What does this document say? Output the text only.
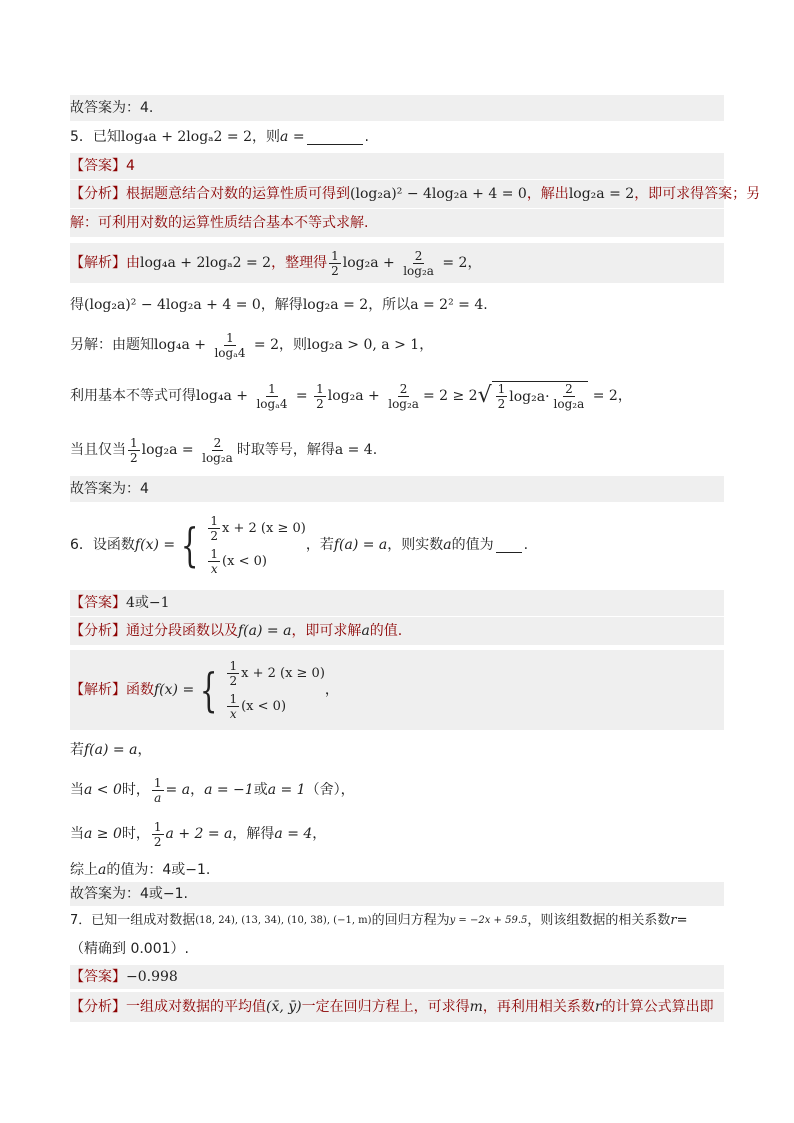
故答案为：4.
5．已知 log₄a + 2logₐ2 = 2 ，则 a =	.
【答案】 4
【分析】 根据题意结合对数的运算性质可得到 (log₂a)² − 4log₂a + 4 = 0 ，解出 log₂a = 2 ，即可求得答案；另
解：可利用对数的运算性质结合基本不等式求解.
【解析】 由 log₄a + 2logₐ2 = 2 ，整理得 $\frac{1}{2} \log_2a + \frac{2}{\text{log₂a}} = 2$ ，
得 (log₂a)² − 4log₂a + 4 = 0 ，解得 log₂a = 2 ，所以 a = 2² = 4 .
另解：由题知 $\log_4a + \frac{1}{\text{logₐ4}} = 2$ ，则 log₂a > 0, a > 1 ，
利用基本不等式可得 $\log_4a + \frac{1}{\text{logₐ4}} = \frac{1}{2} \log_2a + \frac{2}{\text{log₂a}} = 2 \ge 2$ √ $\frac{1}{2} \log_2a\cdot \frac{2}{\text{log₂a}} = 2$ ，
当且仅当 $\frac{1}{2} \log_2a = \frac{2}{\text{log₂a}}$ 时取等号，解得 a = 4 .
故答案为：4
6．设函数 f(x) = { $\frac{1}{2}$ x + 2 (x ≥ 0)
$\frac{1}{x} (x < 0)$
，若 f(a) = a ，则实数 a 的值为 .
【答案】 4或−1
【分析】 通过分段函数以及 f(a) = a ，即可求解 a 的值.
【解析】 函数 f(x) = { $\frac{1}{2}$ x + 2 (x ≥ 0)
$\frac{1}{x} (x < 0)$
，
若 f(a) = a ，
当 a < 0 时， $\frac{1}{a} = a$ ， a = −1 或 a = 1 （舍），
当 a ≥ 0 时， $\frac{1}{2}$ a + 2 = a ，解得 a = 4 ，
综上 a 的值为：4或−1.
故答案为：4或−1.
7．已知一组成对数据 (18, 24), (13, 34), (10, 38), (−1, m) 的回归方程为 y = −2x + 59.5 ，则该组数据的相关系数 r =
（精确到 0.001）.
【答案】 −0.998
【分析】 一组成对数据的平均值 (x̄, ȳ) 一定在回归方程上，可求得 m ，再利用相关系数 r 的计算公式算出即
